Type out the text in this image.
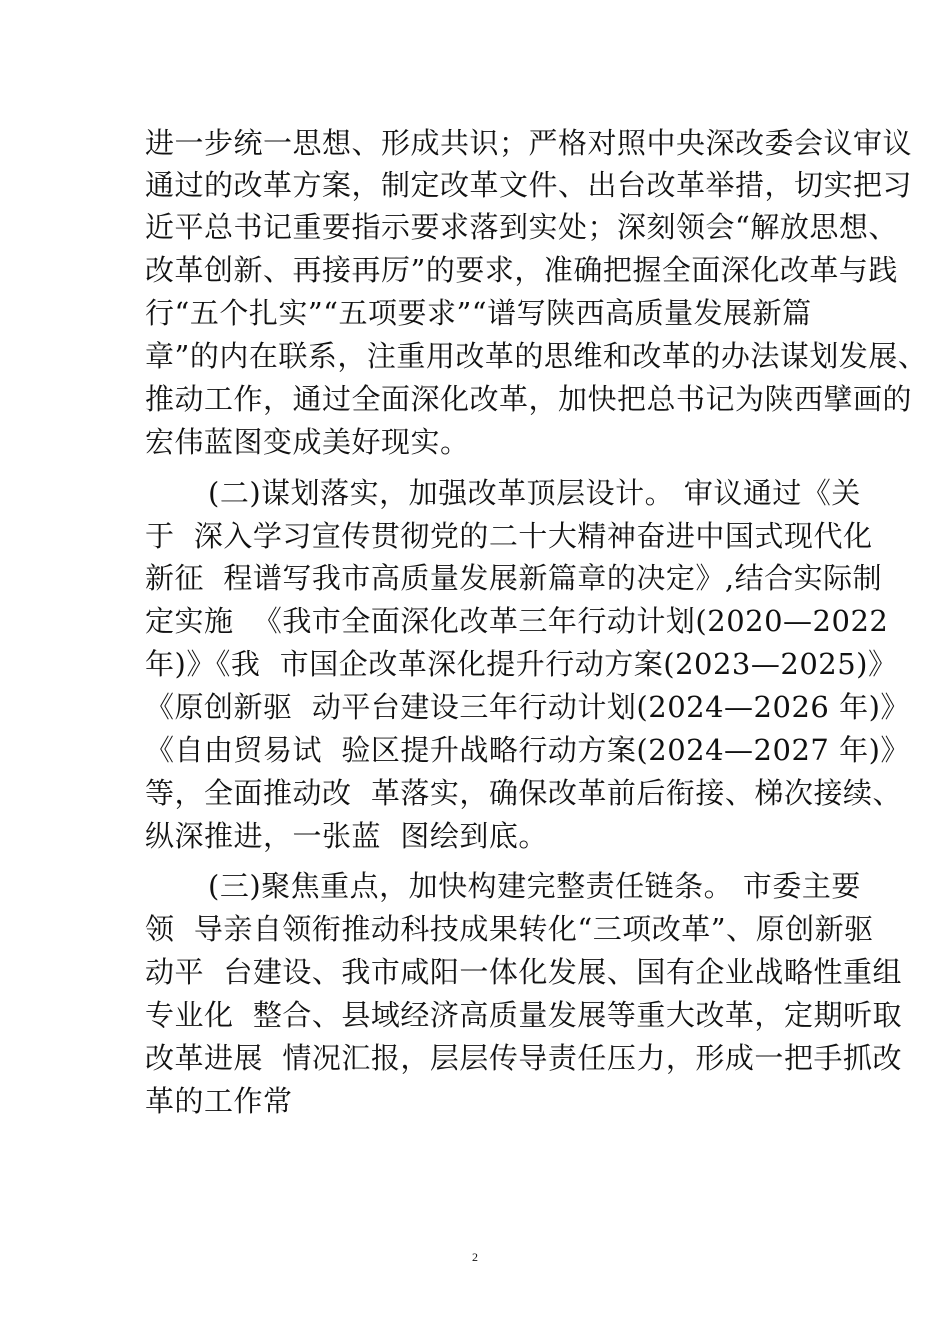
进一步统一思想、形成共识；严格对照中央深改委会议审议
通过的改革方案，制定改革文件、出台改革举措，切实把习
近平总书记重要指示要求落到实处；深刻领会“解放思想、
改革创新、再接再厉”的要求，准确把握全面深化改革与践
行“五个扎实”“五项要求”“谱写陕西高质量发展新篇
章”的内在联系，注重用改革的思维和改革的办法谋划发展、
推动工作，通过全面深化改革，加快把总书记为陕西擘画的
宏伟蓝图变成美好现实。
(二)谋划落实，加强改革顶层设计。 审议通过《关
于  深入学习宣传贯彻党的二十大精神奋进中国式现代化
新征  程谱写我市高质量发展新篇章的决定》,结合实际制
定实施  《我市全面深化改革三年行动计划(2020—2022
年)》《我  市国企改革深化提升行动方案(2023—2025)》
《原创新驱  动平台建设三年行动计划(2024—2026 年)》
《自由贸易试  验区提升战略行动方案(2024—2027 年)》
等，全面推动改  革落实，确保改革前后衔接、梯次接续、
纵深推进，一张蓝  图绘到底。
(三)聚焦重点，加快构建完整责任链条。 市委主要
领  导亲自领衔推动科技成果转化“三项改革”、原创新驱
动平  台建设、我市咸阳一体化发展、国有企业战略性重组
专业化  整合、县域经济高质量发展等重大改革，定期听取
改革进展  情况汇报，层层传导责任压力，形成一把手抓改
革的工作常
2
